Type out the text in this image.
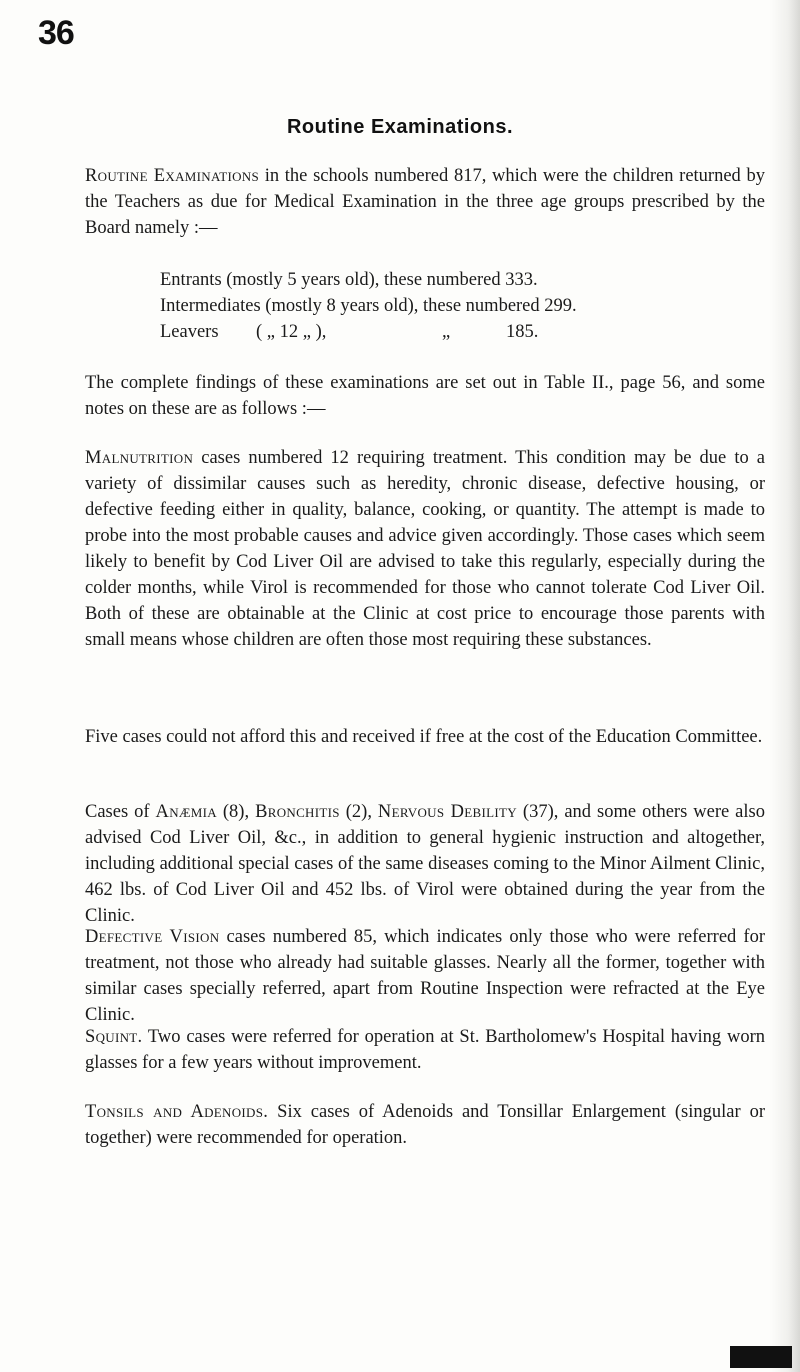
36
Routine Examinations.

Routine Examinations in the schools numbered 817, which were the children returned by the Teachers as due for Medical Examination in the three age groups prescribed by the Board namely :—

Entrants (mostly 5 years old), these numbered 333.
Intermediates (mostly 8 years old), these numbered 299.
Leavers ( „ 12 „ ),	„	185.

The complete findings of these examinations are set out in Table II., page 56, and some notes on these are as follows :—

Malnutrition cases numbered 12 requiring treatment. This condition may be due to a variety of dissimilar causes such as heredity, chronic disease, defective housing, or defective feeding either in quality, balance, cooking, or quantity. The attempt is made to probe into the most probable causes and advice given accordingly. Those cases which seem likely to benefit by Cod Liver Oil are advised to take this regularly, especially during the colder months, while Virol is recommended for those who cannot tolerate Cod Liver Oil. Both of these are obtainable at the Clinic at cost price to encourage those parents with small means whose children are often those most requiring these substances.

Five cases could not afford this and received if free at the cost of the Education Committee.

Cases of Anæmia (8), Bronchitis (2), Nervous Debility (37), and some others were also advised Cod Liver Oil, &c., in addition to general hygienic instruction and altogether, including additional special cases of the same diseases coming to the Minor Ailment Clinic, 462 lbs. of Cod Liver Oil and 452 lbs. of Virol were obtained during the year from the Clinic.

Defective Vision cases numbered 85, which indicates only those who were referred for treatment, not those who already had suitable glasses. Nearly all the former, together with similar cases specially referred, apart from Routine Inspection were refracted at the Eye Clinic.

Squint. Two cases were referred for operation at St. Bartholomew's Hospital having worn glasses for a few years without improvement.

Tonsils and Adenoids. Six cases of Adenoids and Tonsillar Enlargement (singular or together) were recommended for operation.
